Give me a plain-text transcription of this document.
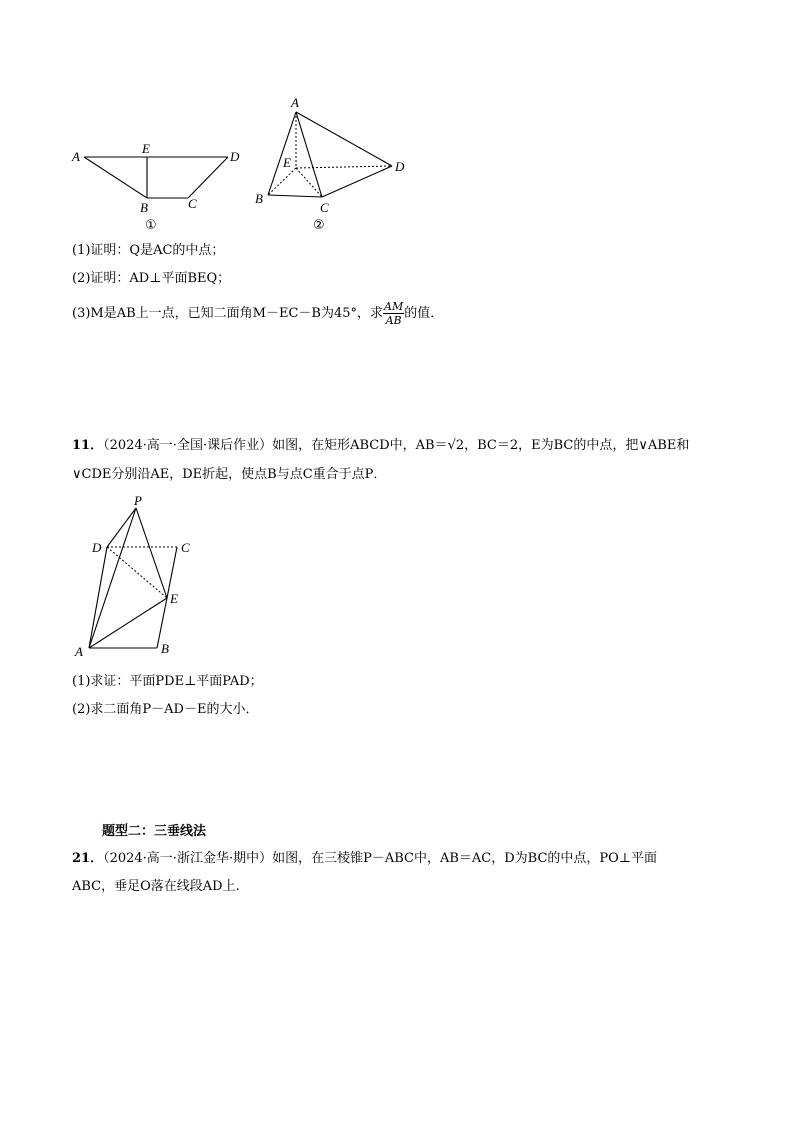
A
E
D
B	C
①
A
E	D
B
C
②
(1)证明：Q是AC的中点；
(2)证明：AD⊥平面BEQ；
(3)M是AB上一点，已知二面角M－EC－B为45°，求 $\frac{AM}{AB}$ 的值．
11．（2024·高一·全国·课后作业）如图，在矩形ABCD中，AB＝√2，BC＝2，E为BC的中点，把∨ABE和
∨CDE分别沿AE，DE折起，使点B与点C重合于点P．
P
D	C
E
A	B
(1)求证：平面PDE⊥平面PAD；
(2)求二面角P－AD－E的大小．
题型二：三垂线法
21．（2024·高一·浙江金华·期中）如图，在三棱锥P－ABC中，AB＝AC，D为BC的中点，PO⊥平面
ABC，垂足O落在线段AD上.
